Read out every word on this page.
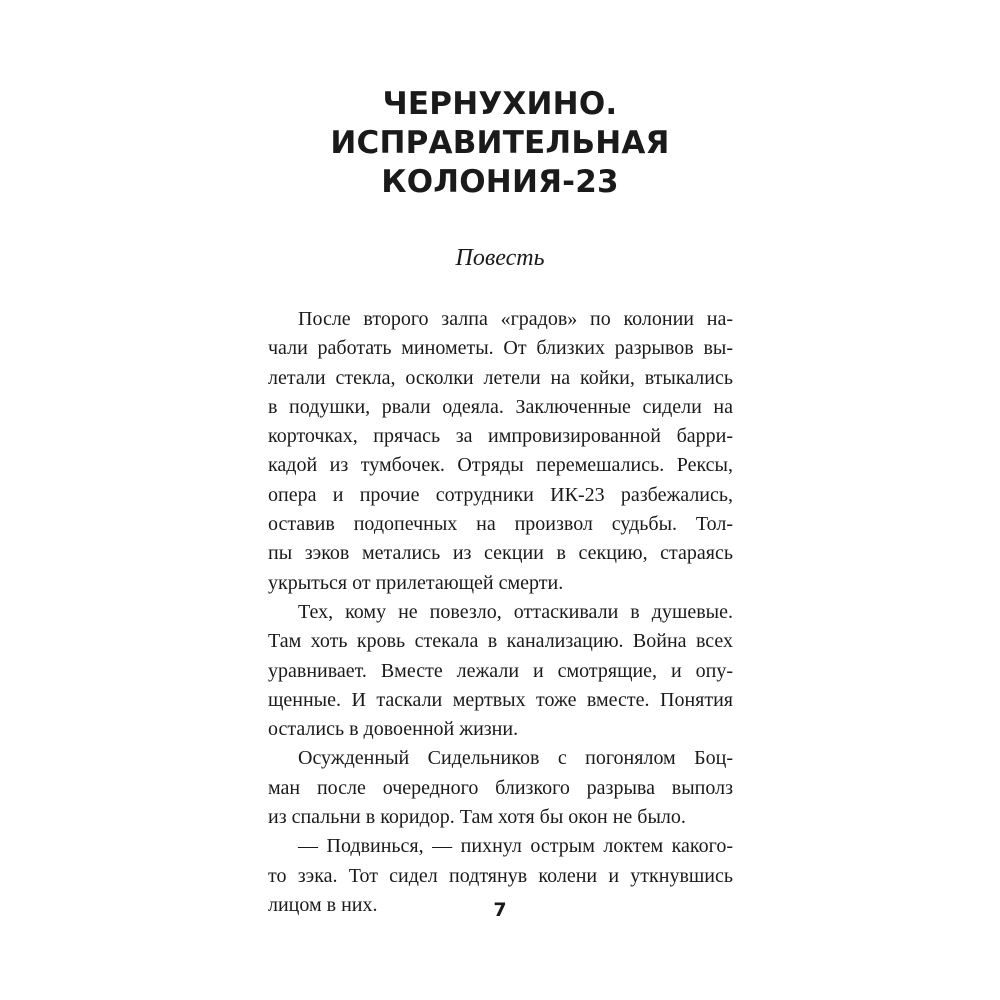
ЧЕРНУХИНО.
ИСПРАВИТЕЛЬНАЯ
КОЛОНИЯ-23
Повесть
После второго залпа «градов» по колонии на-
чали работать минометы. От близких разрывов вы-
летали стекла, осколки летели на койки, втыкались
в подушки, рвали одеяла. Заключенные сидели на
корточках, прячась за импровизированной барри-
кадой из тумбочек. Отряды перемешались. Рексы,
опера и прочие сотрудники ИК-23 разбежались,
оставив подопечных на произвол судьбы. Тол-
пы зэков метались из секции в секцию, стараясь
укрыться от прилетающей смерти.
Тех, кому не повезло, оттаскивали в душевые.
Там хоть кровь стекала в канализацию. Война всех
уравнивает. Вместе лежали и смотрящие, и опу-
щенные. И таскали мертвых тоже вместе. Понятия
остались в довоенной жизни.
Осужденный Сидельников с погонялом Боц-
ман после очередного близкого разрыва выполз
из спальни в коридор. Там хотя бы окон не было.
— Подвинься, — пихнул острым локтем какого-
то зэка. Тот сидел подтянув колени и уткнувшись
лицом в них.	7
